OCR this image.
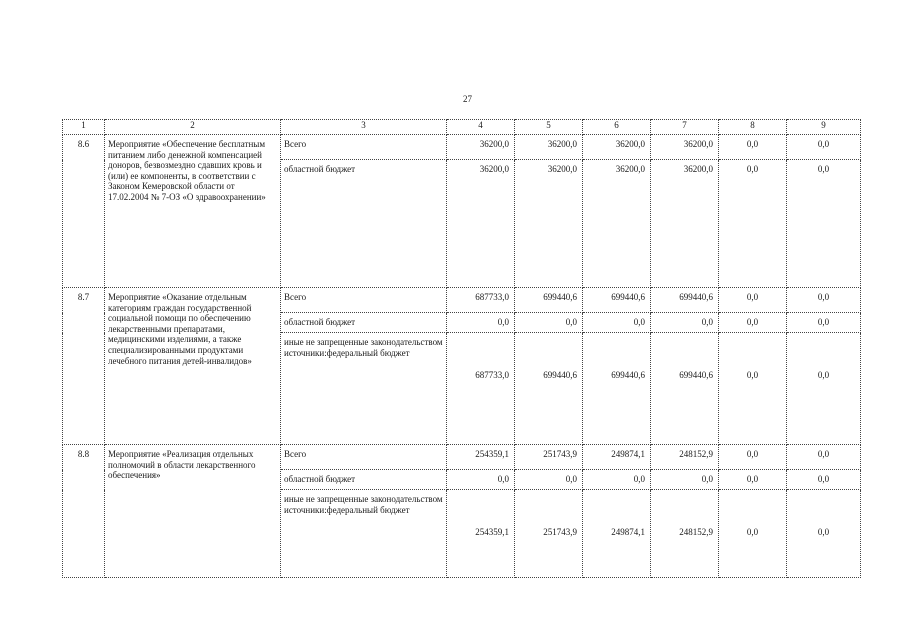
27
1	2	3	4	5	6	7	8	9
8.6	Мероприятие «Обеспечение бесплатным питанием либо денежной компенсацией доноров, безвозмездно сдавших кровь и (или) ее компоненты, в соответствии с Законом Кемеровской области от 17.02.2004 № 7-ОЗ «О здравоохранении»	Всего	36200,0	36200,0	36200,0	36200,0	0,0	0,0
		областной бюджет	36200,0	36200,0	36200,0	36200,0	0,0	0,0
8.7	Мероприятие «Оказание отдельным категориям граждан государственной социальной помощи по обеспечению лекарственными препаратами, медицинскими изделиями, а также специализированными продуктами лечебного питания детей-инвалидов»	Всего	687733,0	699440,6	699440,6	699440,6	0,0	0,0
		областной бюджет	0,0	0,0	0,0	0,0	0,0	0,0
		иные не запрещенные законодательством источники:федеральный бюджет	687733,0	699440,6	699440,6	699440,6	0,0	0,0
8.8	Мероприятие «Реализация отдельных полномочий в области лекарственного обеспечения»	Всего	254359,1	251743,9	249874,1	248152,9	0,0	0,0
		областной бюджет	0,0	0,0	0,0	0,0	0,0	0,0
		иные не запрещенные законодательством источники:федеральный бюджет	254359,1	251743,9	249874,1	248152,9	0,0	0,0
